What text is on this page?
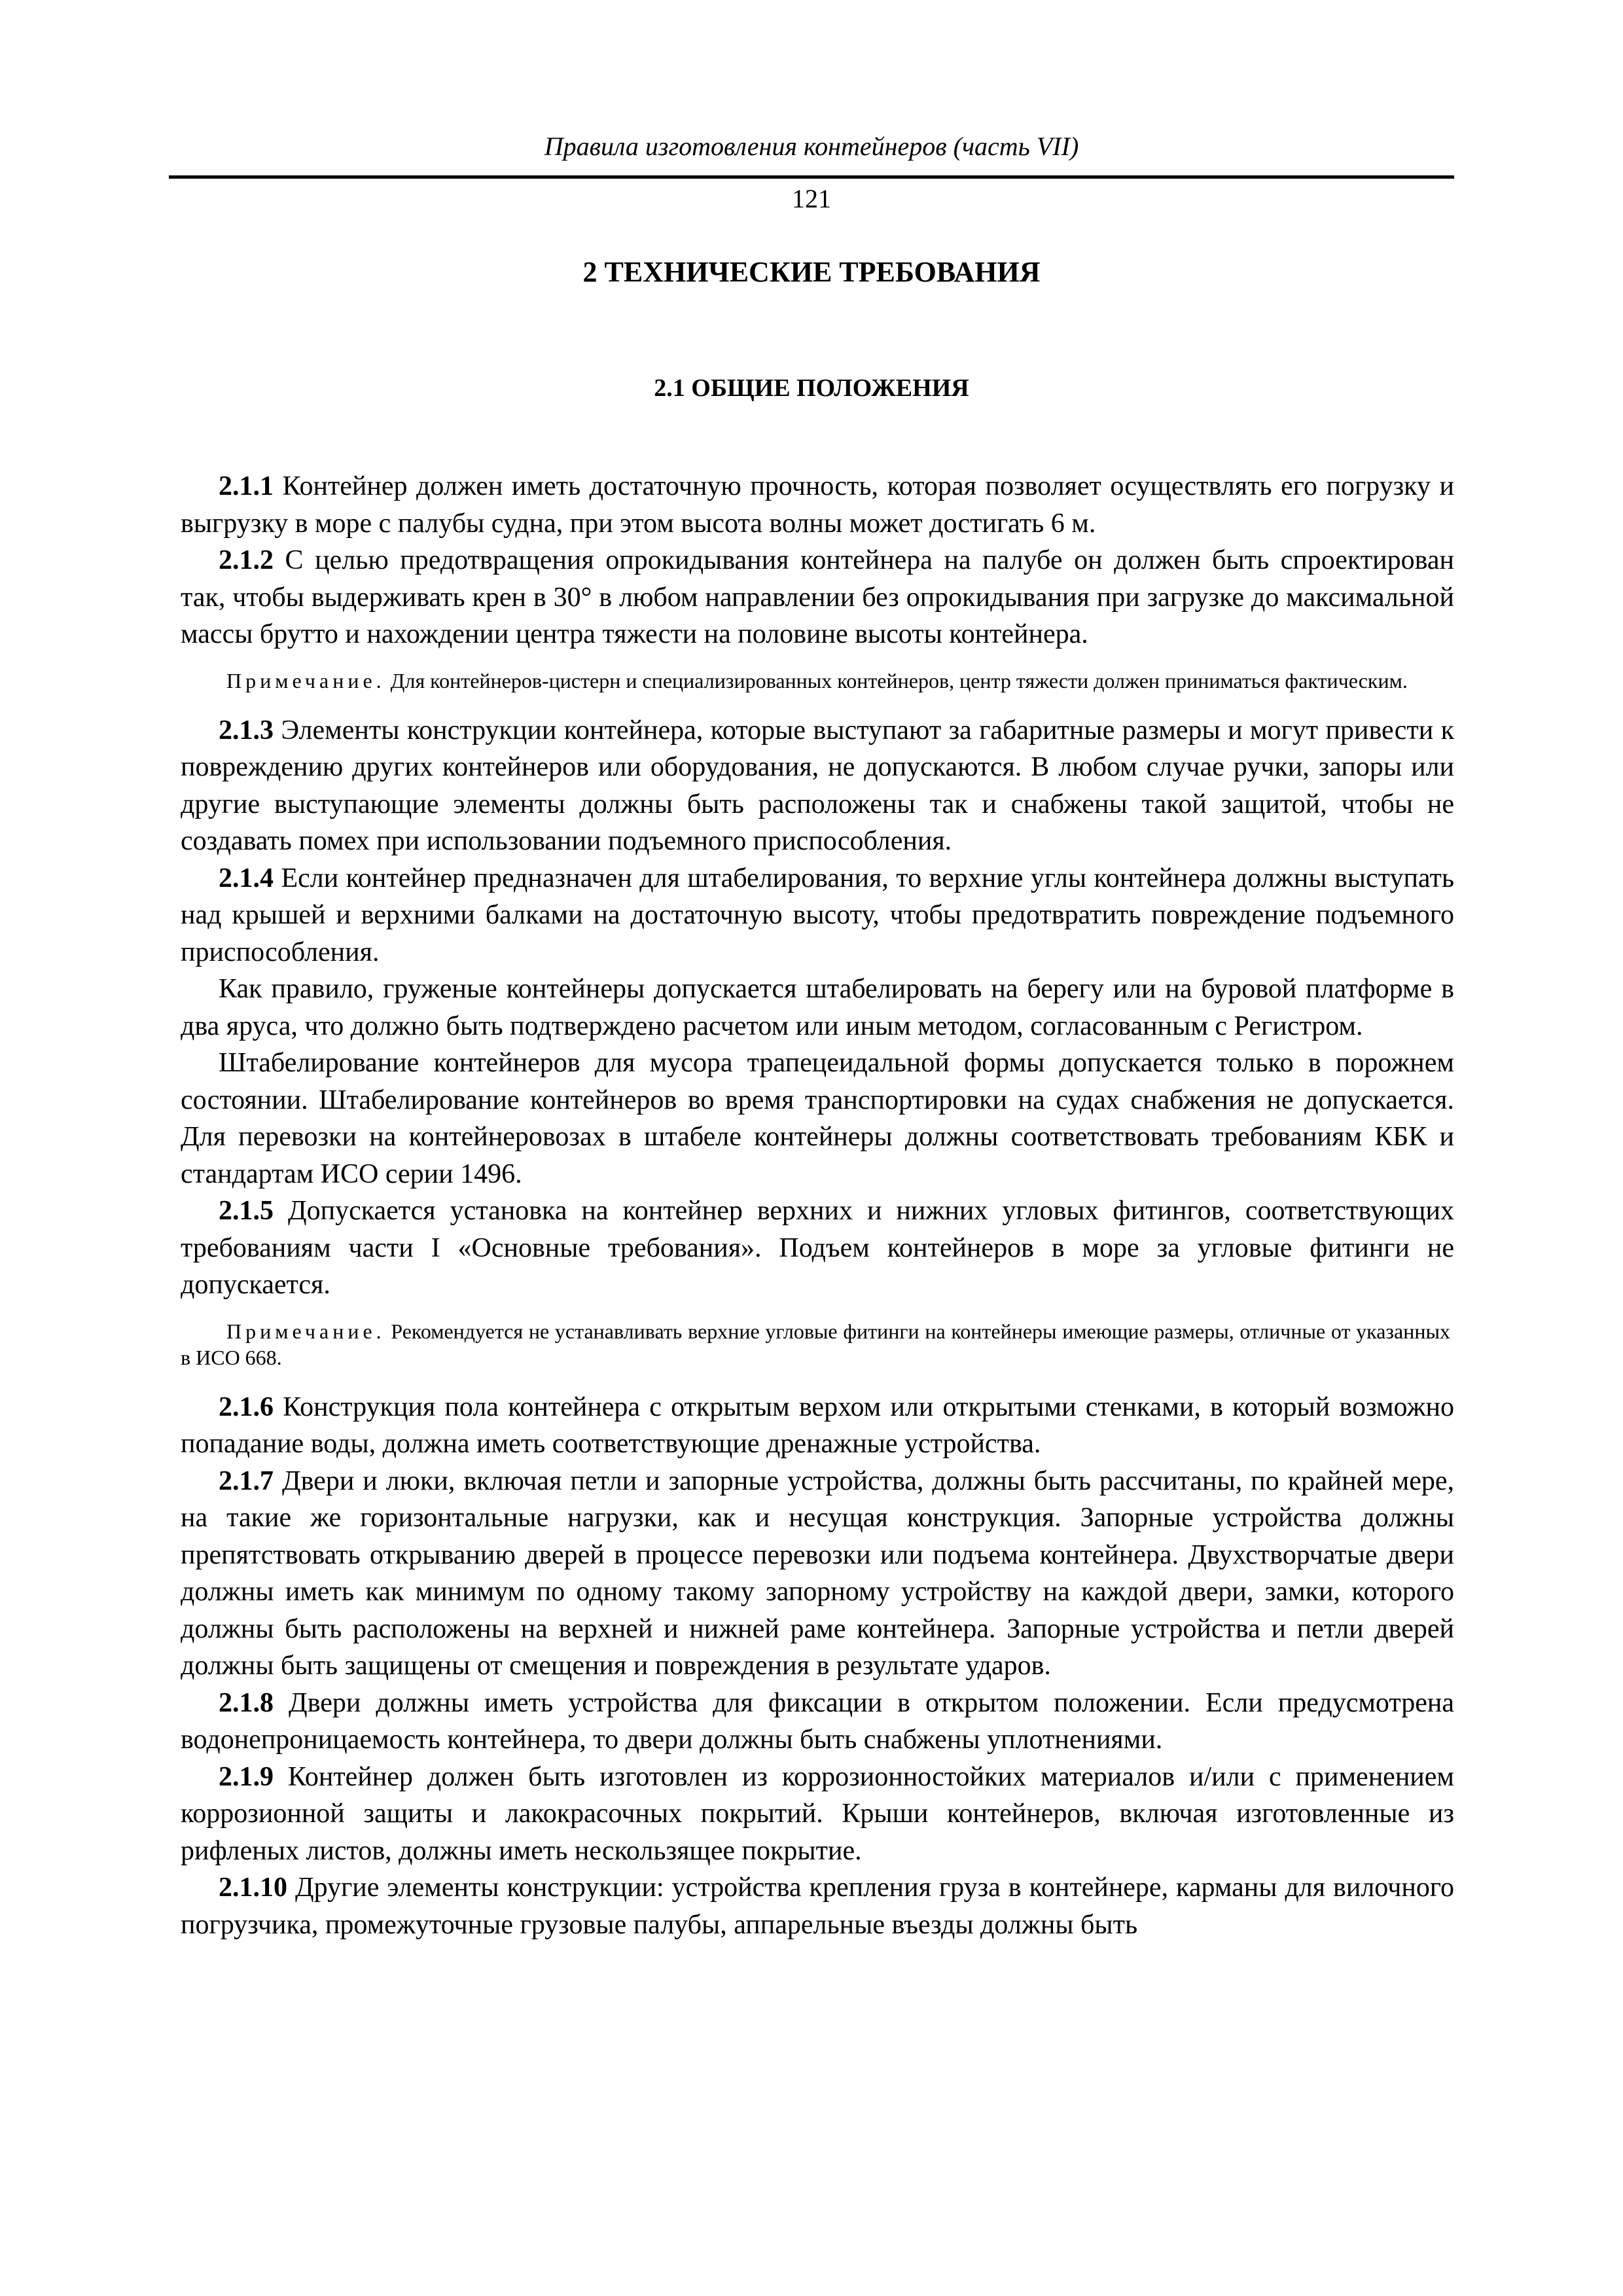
Правила изготовления контейнеров (часть VII)
121
2 ТЕХНИЧЕСКИЕ ТРЕБОВАНИЯ
2.1 ОБЩИЕ ПОЛОЖЕНИЯ

2.1.1 Контейнер должен иметь достаточную прочность, которая позволяет осуществлять его погрузку и выгрузку в море с палубы судна, при этом высота волны может достигать 6 м.

2.1.2 С целью предотвращения опрокидывания контейнера на палубе он должен быть спроектирован так, чтобы выдерживать крен в 30° в любом направлении без опрокидывания при загрузке до максимальной массы брутто и нахождении центра тяжести на половине высоты контейнера.

Примечание. Для контейнеров-цистерн и специализированных контейнеров, центр тяжести должен приниматься фактическим.

2.1.3 Элементы конструкции контейнера, которые выступают за габаритные размеры и могут привести к повреждению других контейнеров или оборудования, не допускаются. В любом случае ручки, запоры или другие выступающие элементы должны быть расположены так и снабжены такой защитой, чтобы не создавать помех при использовании подъемного приспособления.

2.1.4 Если контейнер предназначен для штабелирования, то верхние углы контейнера должны выступать над крышей и верхними балками на достаточную высоту, чтобы предотвратить повреждение подъемного приспособления.

Как правило, груженые контейнеры допускается штабелировать на берегу или на буровой платформе в два яруса, что должно быть подтверждено расчетом или иным методом, согласованным с Регистром.

Штабелирование контейнеров для мусора трапецеидальной формы допускается только в порожнем состоянии. Штабелирование контейнеров во время транспортировки на судах снабжения не допускается. Для перевозки на контейнеровозах в штабеле контейнеры должны соответствовать требованиям КБК и стандартам ИСО серии 1496.

2.1.5 Допускается установка на контейнер верхних и нижних угловых фитингов, соответствующих требованиям части I «Основные требования». Подъем контейнеров в море за угловые фитинги не допускается.

Примечание. Рекомендуется не устанавливать верхние угловые фитинги на контейнеры имеющие размеры, отличные от указанных в ИСО 668.

2.1.6 Конструкция пола контейнера с открытым верхом или открытыми стенками, в который возможно попадание воды, должна иметь соответствующие дренажные устройства.

2.1.7 Двери и люки, включая петли и запорные устройства, должны быть рассчитаны, по крайней мере, на такие же горизонтальные нагрузки, как и несущая конструкция. Запорные устройства должны препятствовать открыванию дверей в процессе перевозки или подъема контейнера. Двухстворчатые двери должны иметь как минимум по одному такому запорному устройству на каждой двери, замки, которого должны быть расположены на верхней и нижней раме контейнера. Запорные устройства и петли дверей должны быть защищены от смещения и повреждения в результате ударов.

2.1.8 Двери должны иметь устройства для фиксации в открытом положении. Если предусмотрена водонепроницаемость контейнера, то двери должны быть снабжены уплотнениями.

2.1.9 Контейнер должен быть изготовлен из коррозионностойких материалов и/или с применением коррозионной защиты и лакокрасочных покрытий. Крыши контейнеров, включая изготовленные из рифленых листов, должны иметь нескользящее покрытие.

2.1.10 Другие элементы конструкции: устройства крепления груза в контейнере, карманы для вилочного погрузчика, промежуточные грузовые палубы, аппарельные въезды должны быть
